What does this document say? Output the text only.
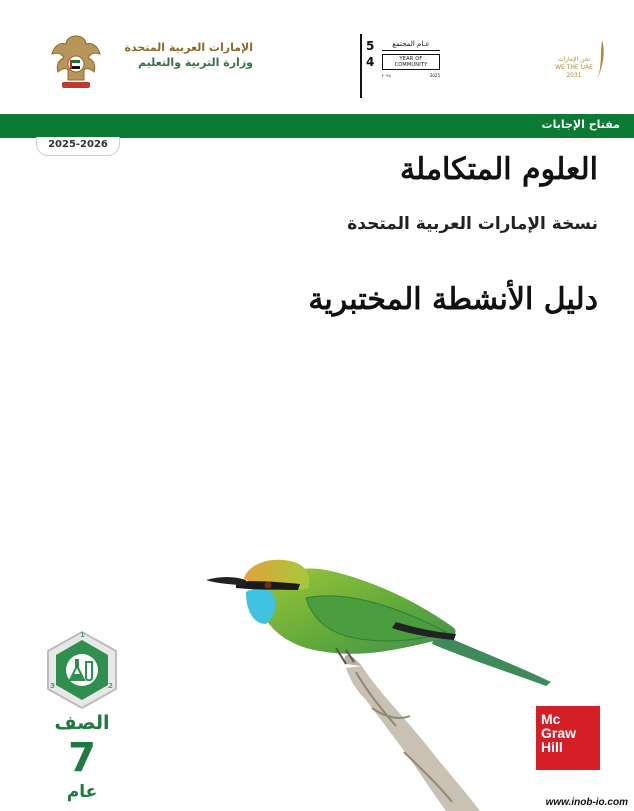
الإمارات العربية المتحدة
وزارة التربية والتعليم
5
4
عـام المجتمع
YEAR OF COMMUNITY
٢٠٢٥	2025
نحن الإمارات
WE THE UAE
2031
مفتاح الإجابات
2025-2026
العلوم المتكاملة
نسخة الإمارات العربية المتحدة
دليل الأنشطة المختبرية
1
2
3
الصف
7
عام
Mc
Graw
Hill
www.inob-io.com
